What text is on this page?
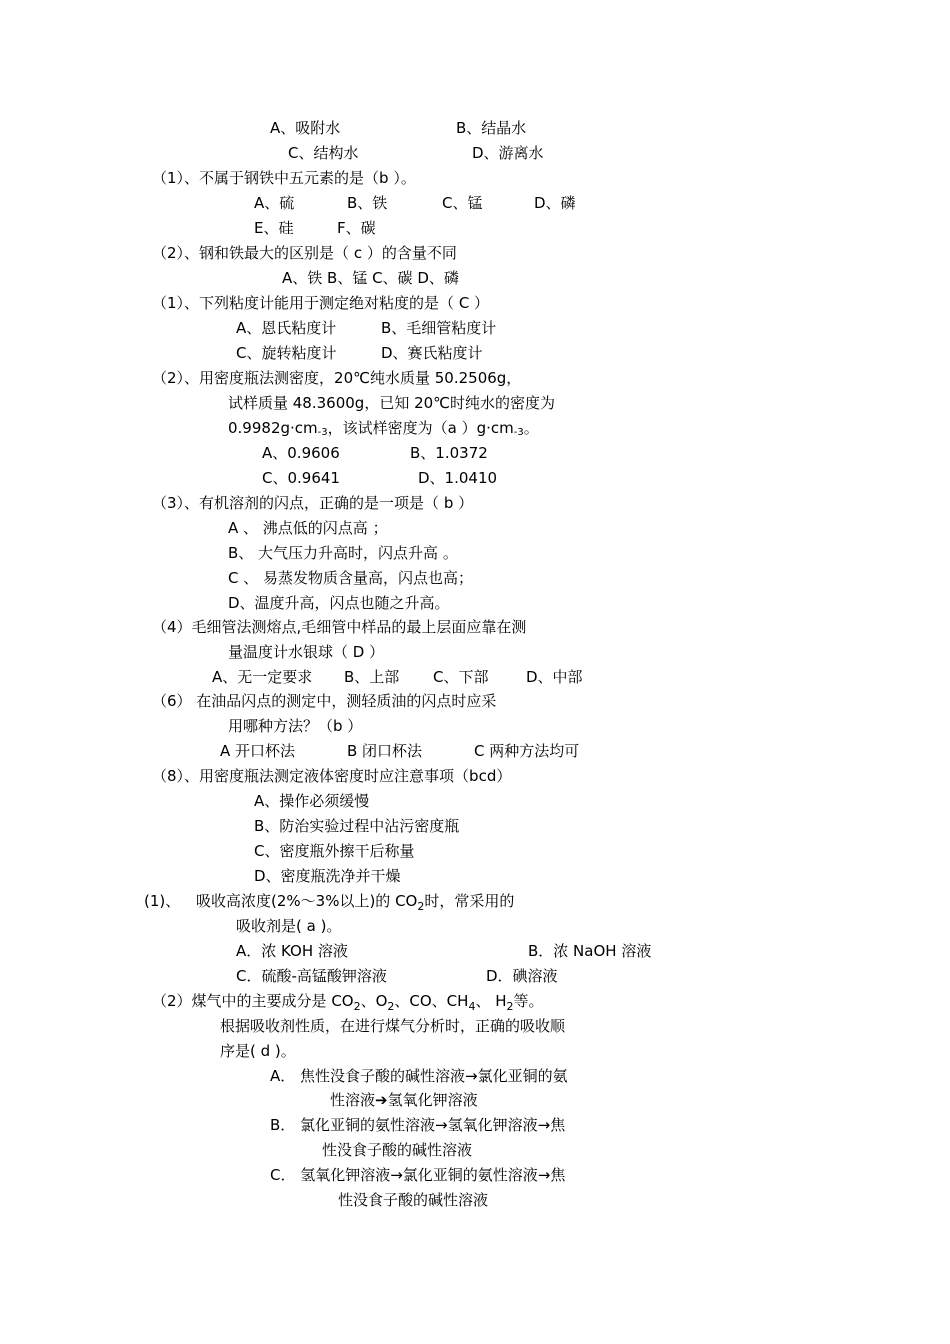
A、吸附水	B、结晶水
C、结构水	D、游离水
（1）、不属于钢铁中五元素的是（b ）。
A、硫	B、铁	C、锰	D、磷
E、硅	F、碳
（2）、钢和铁最大的区别是（ c ）的含量不同
A、铁 B、锰 C、碳 D、磷
（1）、下列粘度计能用于测定绝对粘度的是（ C ）
A、恩氏粘度计	B、毛细管粘度计
C、旋转粘度计	D、赛氏粘度计
（2）、用密度瓶法测密度，20℃纯水质量 50.2506g，
试样质量 48.3600g，已知 20℃时纯水的密度为
$0.9982g\cdot cm_{-3}$，该试样密度为（a ）$g\cdot cm_{-3}$。
A、0.9606	B、1.0372
C、0.9641	D、1.0410
（3）、有机溶剂的闪点，正确的是一项是（ b ）
A 、 沸点低的闪点高 ；
B、 大气压力升高时，闪点升高 。
C 、 易蒸发物质含量高，闪点也高；
D、温度升高，闪点也随之升高。
（4）毛细管法测熔点,毛细管中样品的最上层面应靠在测
量温度计水银球（ D ）
A、无一定要求 B、上部 C、下部	D、中部
（6） 在油品闪点的测定中，测轻质油的闪点时应采
用哪种方法？（b ）
A 开口杯法	B 闭口杯法	C 两种方法均可
（8）、用密度瓶法测定液体密度时应注意事项（bcd）
A、操作必须缓慢
B、防治实验过程中沾污密度瓶
C、密度瓶外擦干后称量
D、密度瓶洗净并干燥
(1)、 吸收高浓度(2%～3%以上)的 $CO_2$时，常采用的
吸收剂是( a )。
A．浓 KOH 溶液	B．浓 NaOH 溶液
C．硫酸-高锰酸钾溶液	D．碘溶液
（2）煤气中的主要成分是 $CO_2$、$O_2$、CO、$CH_4$、 $H_2$等。
根据吸收剂性质，在进行煤气分析时，正确的吸收顺
序是( d )。
A． 焦性没食子酸的碱性溶液→氯化亚铜的氨
性溶液➔氢氧化钾溶液
B． 氯化亚铜的氨性溶液→氢氧化钾溶液→焦
性没食子酸的碱性溶液
C． 氢氧化钾溶液→氯化亚铜的氨性溶液→焦
性没食子酸的碱性溶液
